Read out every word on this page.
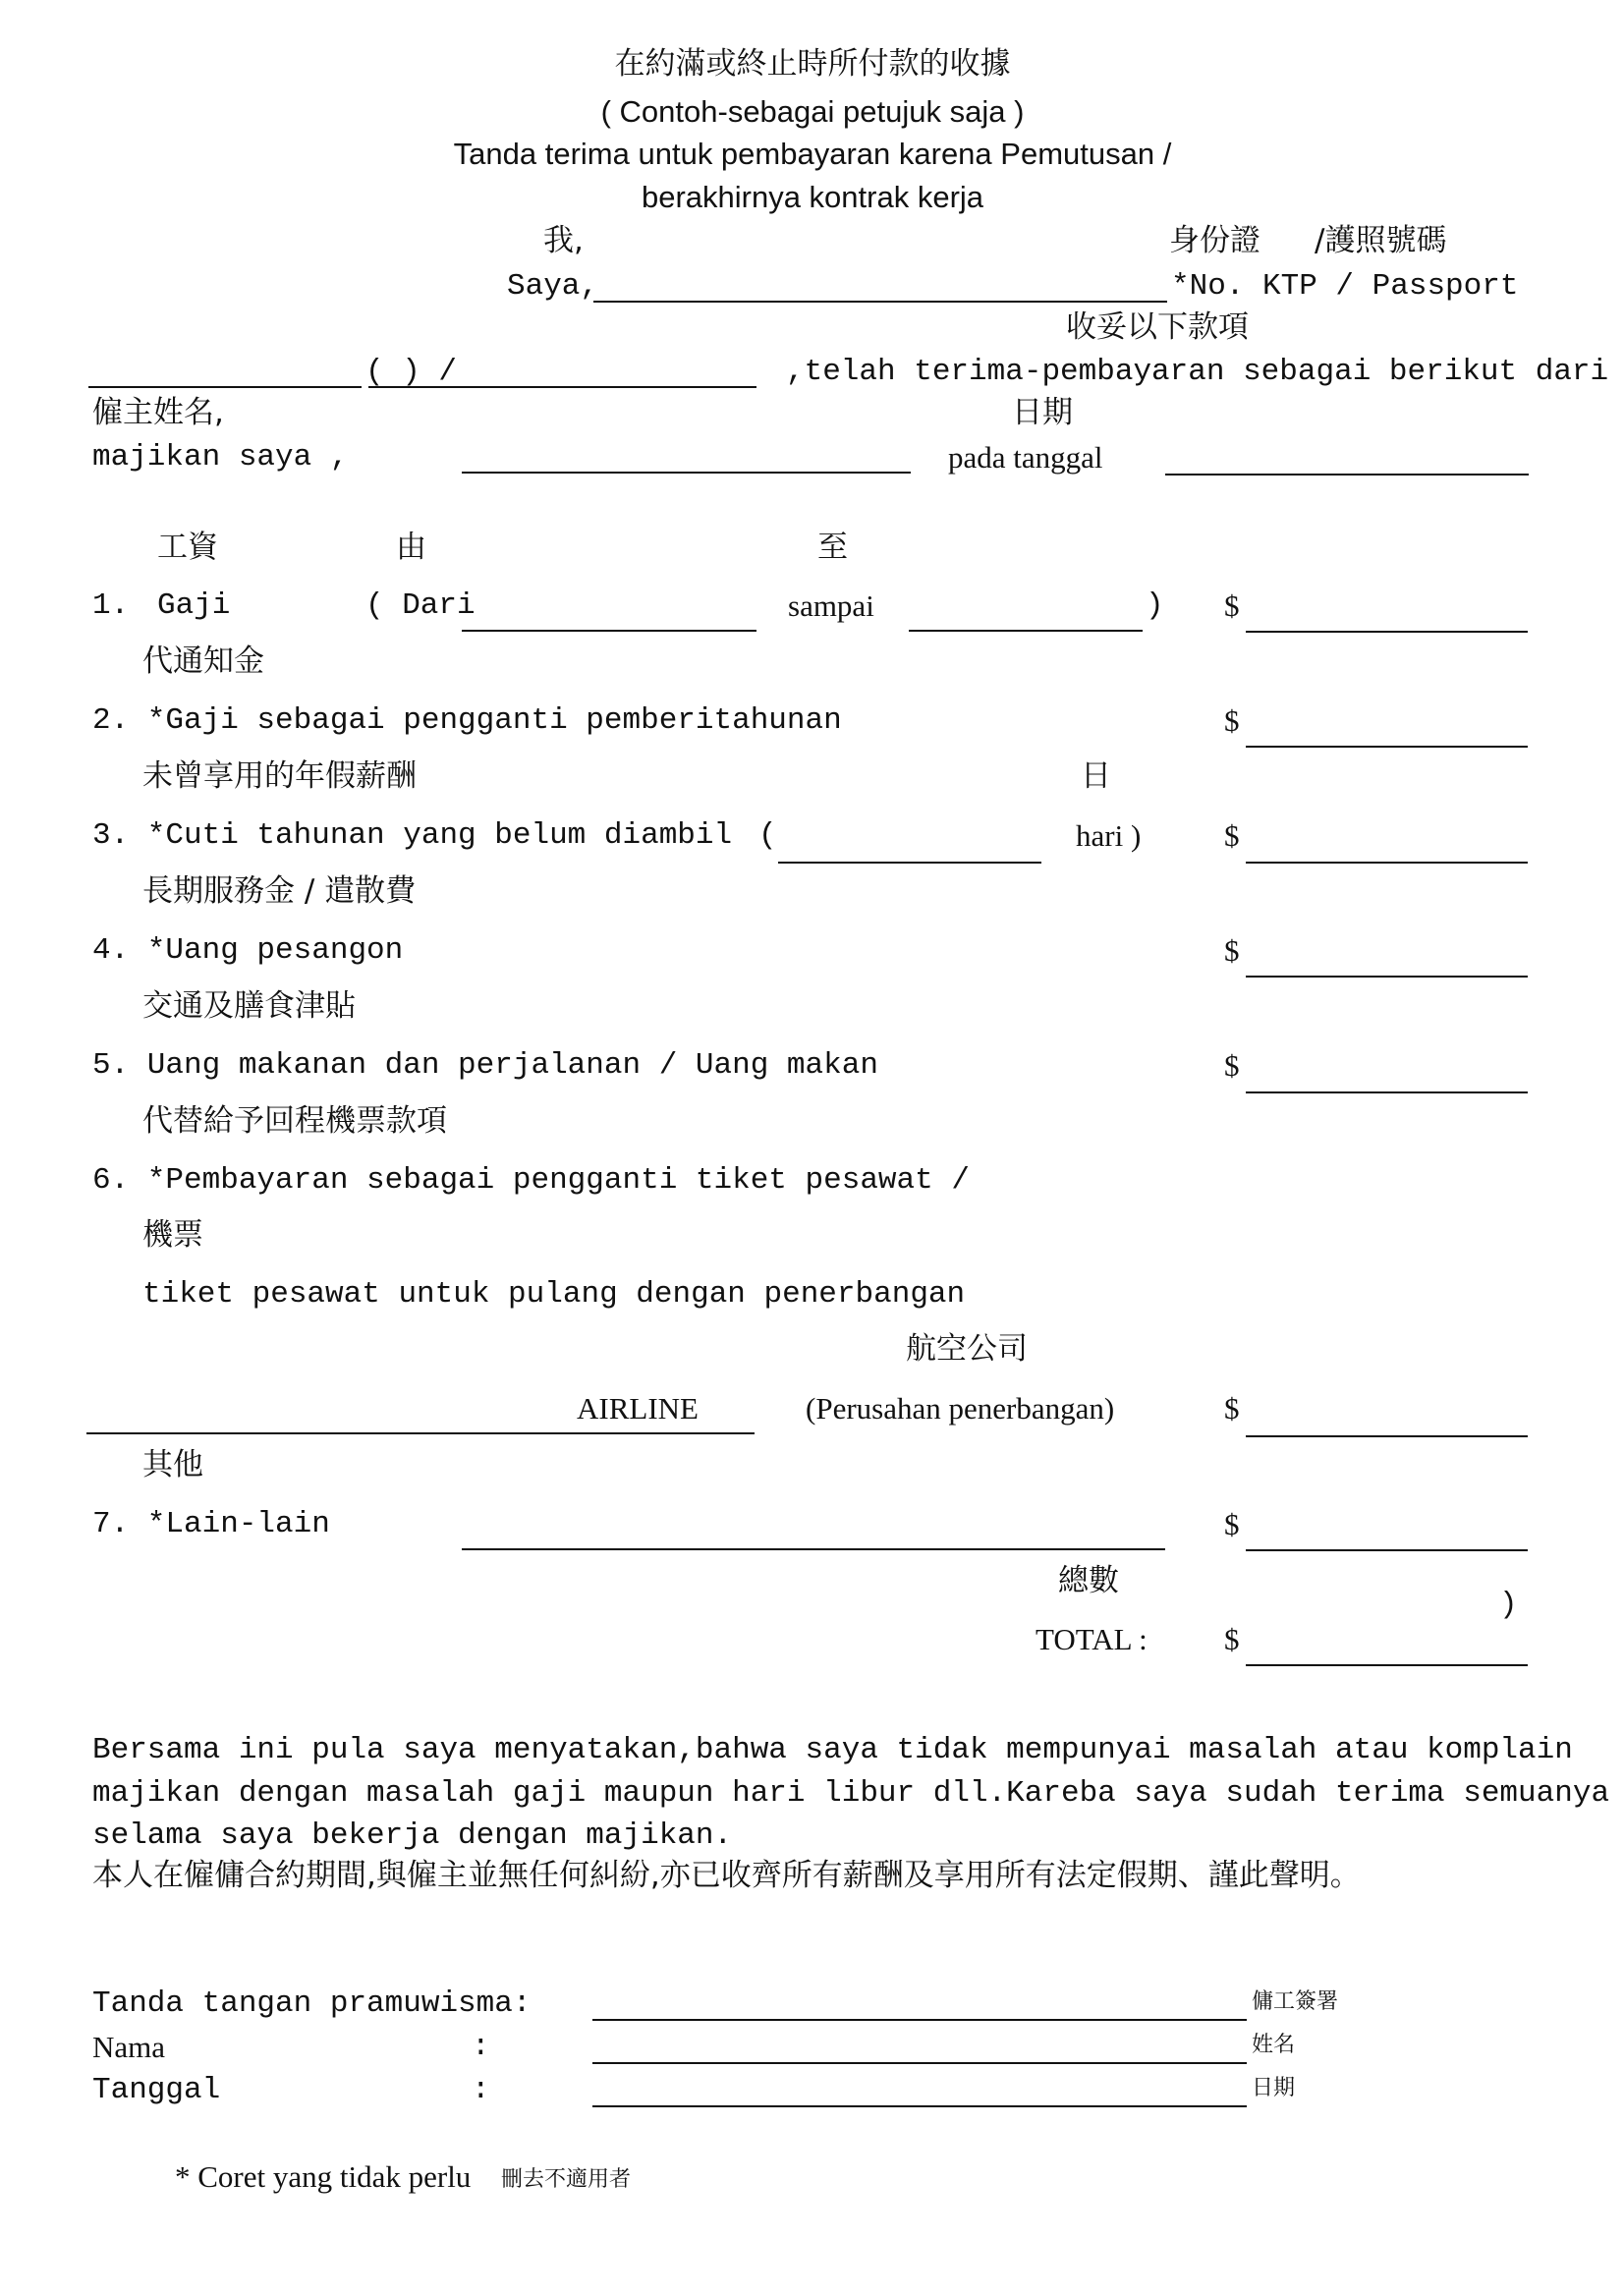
在約滿或終止時所付款的收據
( Contoh-sebagai petujuk saja )
Tanda terima untuk pembayaran karena Pemutusan /
berakhirnya kontrak kerja
我,
Saya,
身份證 /護照號碼
*No. KTP / Passport
收妥以下款項
( ) /	,telah terima-pembayaran sebagai berikut dari
僱主姓名,	日期
majikan saya ,	pada tanggal
工資	由	至
1. Gaji	( Dari	sampai	) $
代通知金
2. *Gaji sebagai pengganti pemberitahunan	$
未曾享用的年假薪酬	日
3. *Cuti tahunan yang belum diambil (	hari )	$
長期服務金 / 遣散費
4. *Uang pesangon	$
交通及膳食津貼
5. Uang makanan dan perjalanan / Uang makan	$
代替給予回程機票款項
6. *Pembayaran sebagai pengganti tiket pesawat /
機票
tiket pesawat untuk pulang dengan penerbangan
航空公司
AIRLINE	(Perusahan penerbangan)	$
其他
7. *Lain-lain	$
總數
)
TOTAL :	$
Bersama ini pula saya menyatakan,bahwa saya tidak mempunyai masalah atau komplain
majikan dengan masalah gaji maupun hari libur dll.Kareba saya sudah terima semuanya
selama saya bekerja dengan majikan.
本人在僱傭合約期間,與僱主並無任何糾紛,亦已收齊所有薪酬及享用所有法定假期、謹此聲明。
Tanda tangan pramuwisma:	傭工簽署
Nama	:	姓名
Tanggal	:	日期
* Coret yang tidak perlu 刪去不適用者
